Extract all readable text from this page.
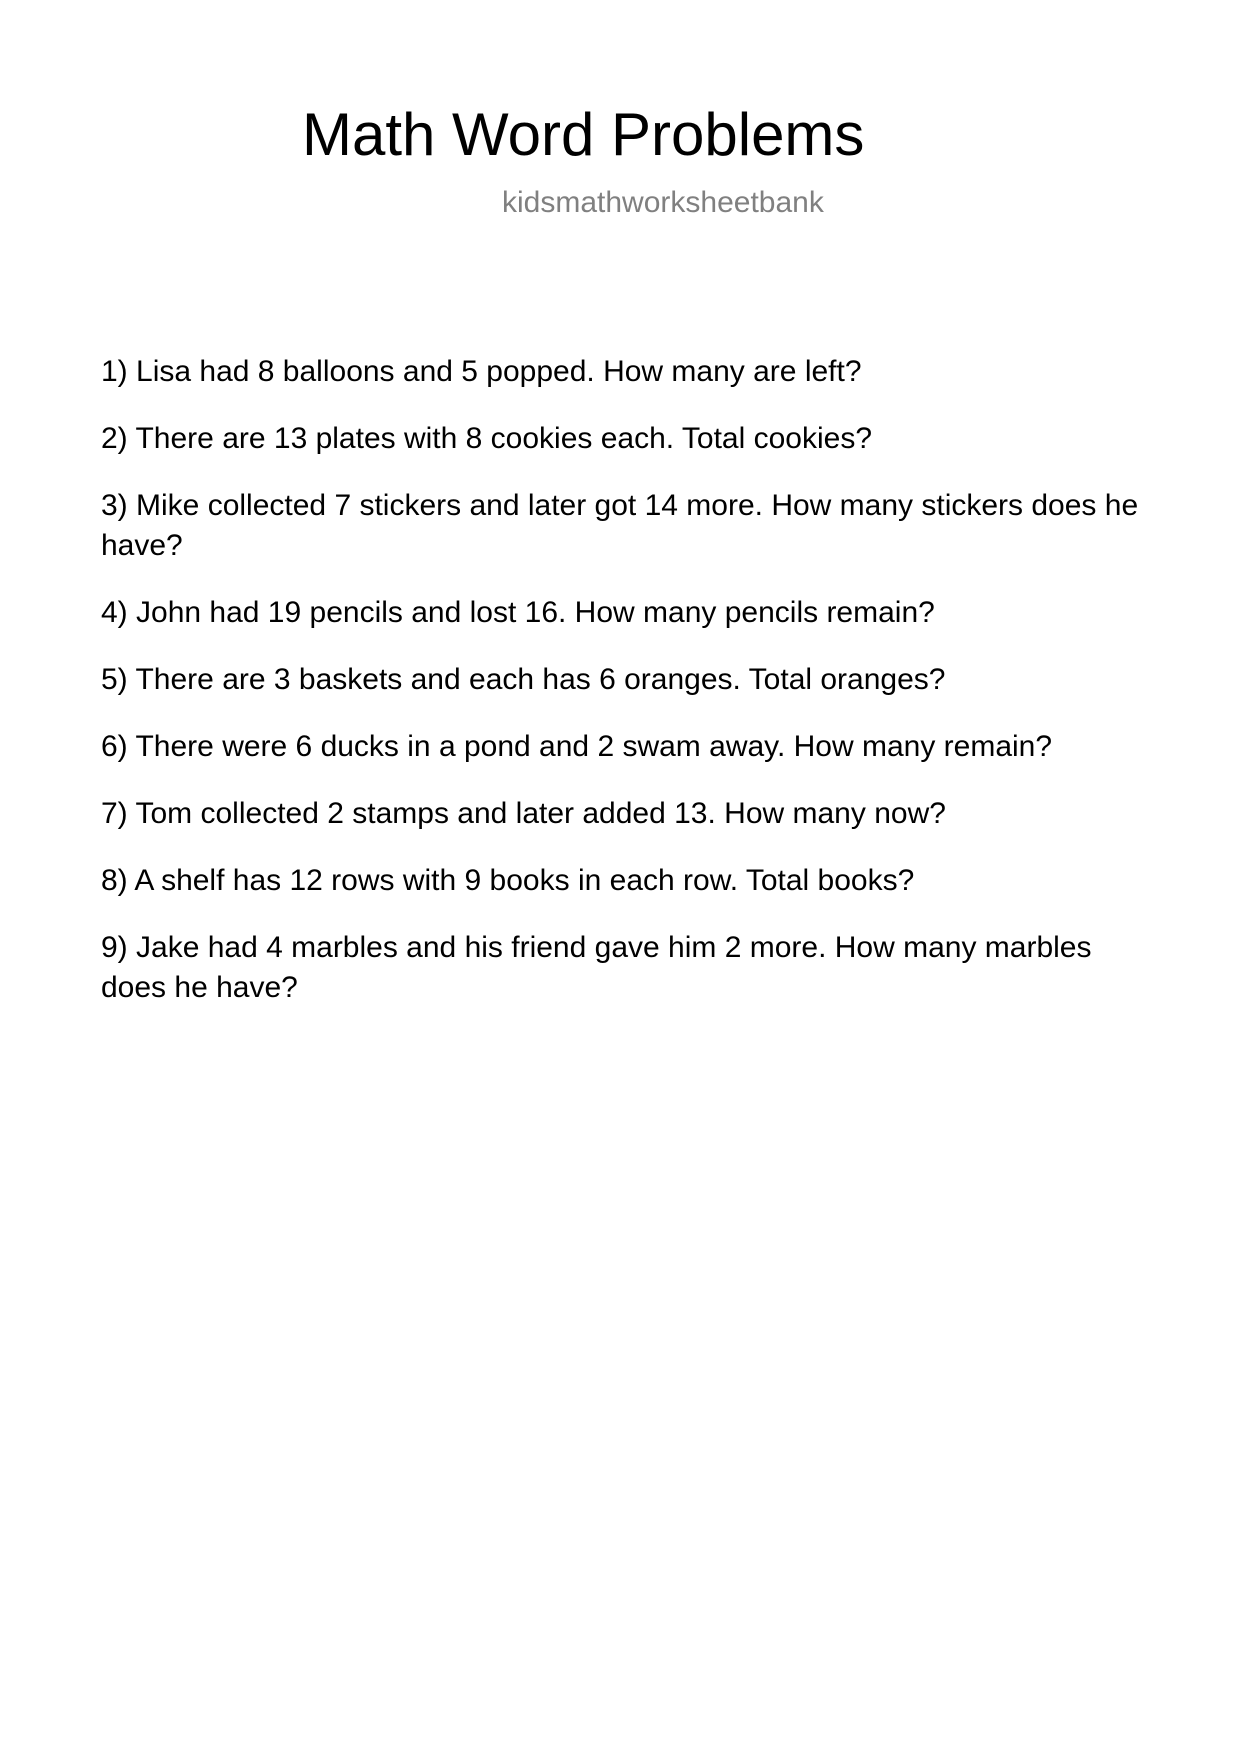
Math Word Problems
kidsmathworksheetbank
1) Lisa had 8 balloons and 5 popped. How many are left?
2) There are 13 plates with 8 cookies each. Total cookies?
3) Mike collected 7 stickers and later got 14 more. How many stickers does he have?
4) John had 19 pencils and lost 16. How many pencils remain?
5) There are 3 baskets and each has 6 oranges. Total oranges?
6) There were 6 ducks in a pond and 2 swam away. How many remain?
7) Tom collected 2 stamps and later added 13. How many now?
8) A shelf has 12 rows with 9 books in each row. Total books?
9) Jake had 4 marbles and his friend gave him 2 more. How many marbles does he have?
